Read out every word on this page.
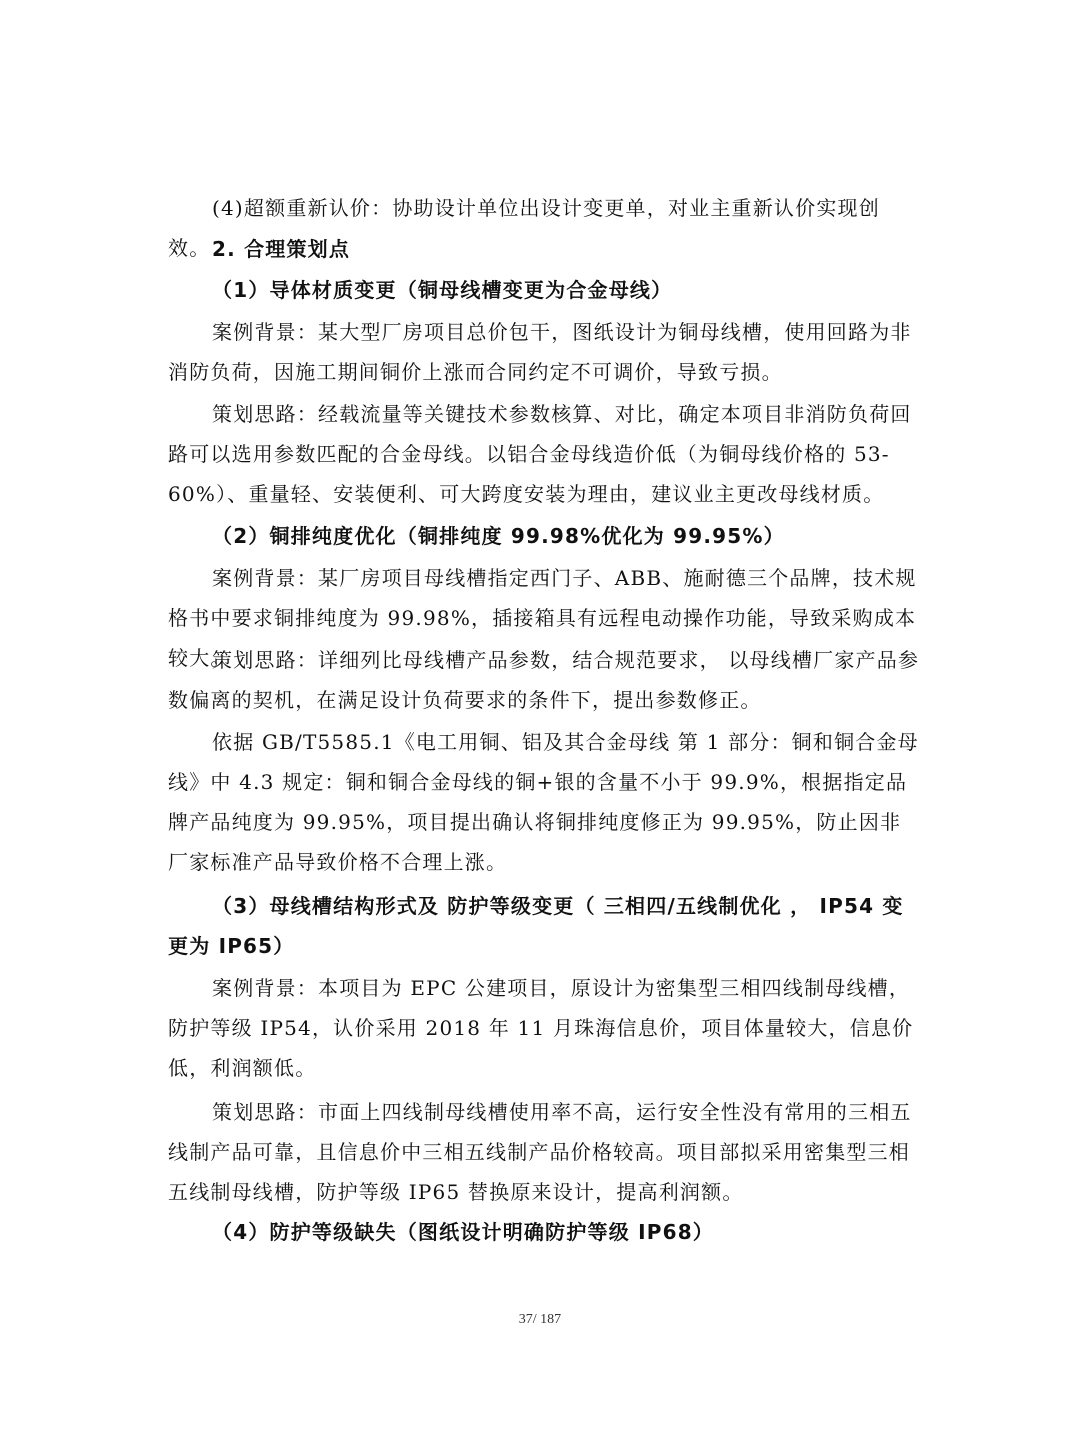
(4)超额重新认价：协助设计单位出设计变更单，对业主重新认价实现创效。 2. 合理策划点
（1）导体材质变更（铜母线槽变更为合金母线）
案例背景：某大型厂房项目总价包干，图纸设计为铜母线槽，使用回路为非消防负荷，因施工期间铜价上涨而合同约定不可调价，导致亏损。
策划思路：经载流量等关键技术参数核算、对比，确定本项目非消防负荷回路可以选用参数匹配的合金母线。以铝合金母线造价低（为铜母线价格的 53-60%）、重量轻、安装便利、可大跨度安装为理由，建议业主更改母线材质。
（2）铜排纯度优化（铜排纯度 99.98%优化为 99.95%）
案例背景：某厂房项目母线槽指定西门子、ABB、施耐德三个品牌，技术规格书中要求铜排纯度为 99.98%，插接箱具有远程电动操作功能，导致采购成本较大。
策划思路：详细列比母线槽产品参数，结合规范要求， 以母线槽厂家产品参数偏离的契机，在满足设计负荷要求的条件下，提出参数修正。
依据 GB/T5585.1《电工用铜、铝及其合金母线 第 1 部分：铜和铜合金母线》中 4.3 规定：铜和铜合金母线的铜+银的含量不小于 99.9%，根据指定品牌产品纯度为 99.95%，项目提出确认将铜排纯度修正为 99.95%，防止因非厂家标准产品导致价格不合理上涨。
（3）母线槽结构形式及 防护等级变更（ 三相四/五线制优化 ， IP54 变更为 IP65）
案例背景：本项目为 EPC 公建项目，原设计为密集型三相四线制母线槽，防护等级 IP54，认价采用 2018 年 11 月珠海信息价，项目体量较大，信息价低，利润额低。
策划思路：市面上四线制母线槽使用率不高，运行安全性没有常用的三相五线制产品可靠，且信息价中三相五线制产品价格较高。项目部拟采用密集型三相五线制母线槽，防护等级 IP65 替换原来设计，提高利润额。
（4）防护等级缺失（图纸设计明确防护等级 IP68）
37/ 187
